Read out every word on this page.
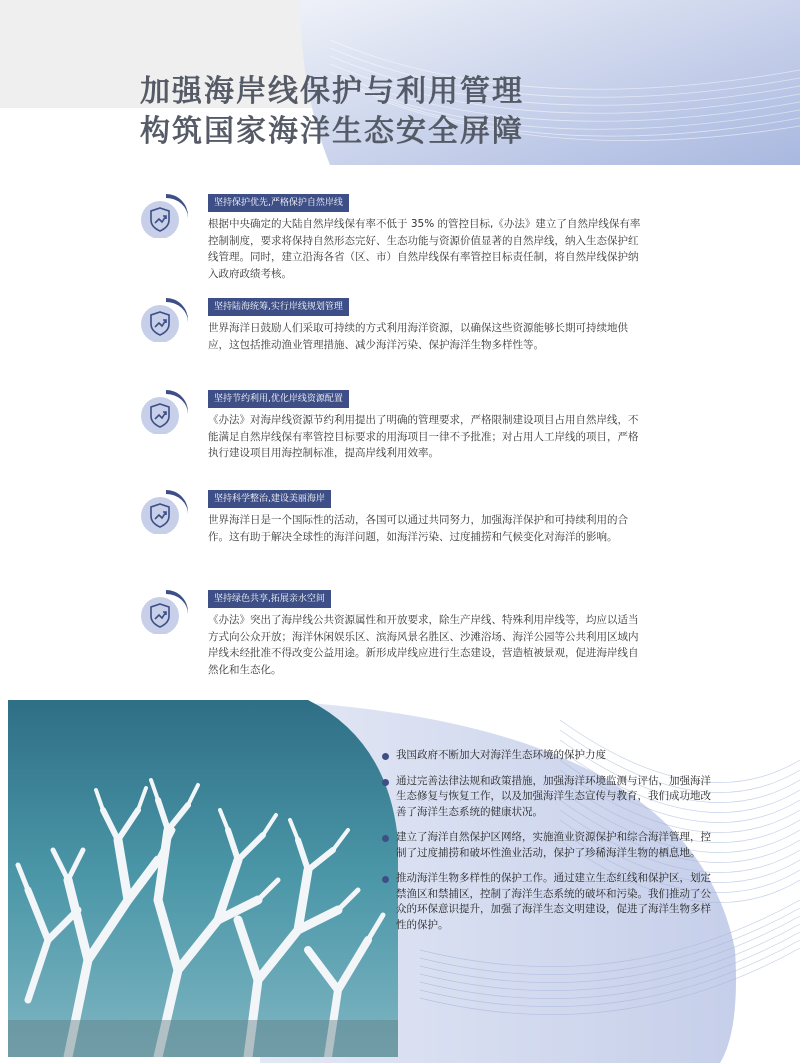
加强海岸线保护与利用管理
构筑国家海洋生态安全屏障
坚持保护优先,严格保护自然岸线

根据中央确定的大陆自然岸线保有率不低于 35% 的管控目标,《办法》建立了自然岸线保有率控制制度，要求将保持自然形态完好、生态功能与资源价值显著的自然岸线，纳入生态保护红线管理。同时，建立沿海各省（区、市）自然岸线保有率管控目标责任制，将自然岸线保护纳入政府政绩考核。

坚持陆海统筹,实行岸线规划管理

世界海洋日鼓励人们采取可持续的方式利用海洋资源，以确保这些资源能够长期可持续地供应，这包括推动渔业管理措施、减少海洋污染、保护海洋生物多样性等。

坚持节约利用,优化岸线资源配置

《办法》对海岸线资源节约利用提出了明确的管理要求，严格限制建设项目占用自然岸线，不能满足自然岸线保有率管控目标要求的用海项目一律不予批准；对占用人工岸线的项目，严格执行建设项目用海控制标准，提高岸线利用效率。

坚持科学整治,建设美丽海岸

世界海洋日是一个国际性的活动，各国可以通过共同努力，加强海洋保护和可持续利用的合作。这有助于解决全球性的海洋问题，如海洋污染、过度捕捞和气候变化对海洋的影响。

坚持绿色共享,拓展亲水空间

《办法》突出了海岸线公共资源属性和开放要求，除生产岸线、特殊利用岸线等，均应以适当方式向公众开放；海洋休闲娱乐区、滨海风景名胜区、沙滩浴场、海洋公园等公共利用区域内岸线未经批准不得改变公益用途。新形成岸线应进行生态建设，营造植被景观，促进海岸线自然化和生态化。

我国政府不断加大对海洋生态环境的保护力度
通过完善法律法规和政策措施，加强海洋环境监测与评估，加强海洋生态修复与恢复工作，以及加强海洋生态宣传与教育，我们成功地改善了海洋生态系统的健康状况。
建立了海洋自然保护区网络，实施渔业资源保护和综合海洋管理，控制了过度捕捞和破坏性渔业活动，保护了珍稀海洋生物的栖息地。
推动海洋生物多样性的保护工作。通过建立生态红线和保护区，划定禁渔区和禁捕区，控制了海洋生态系统的破坏和污染。我们推动了公众的环保意识提升，加强了海洋生态文明建设，促进了海洋生物多样性的保护。
